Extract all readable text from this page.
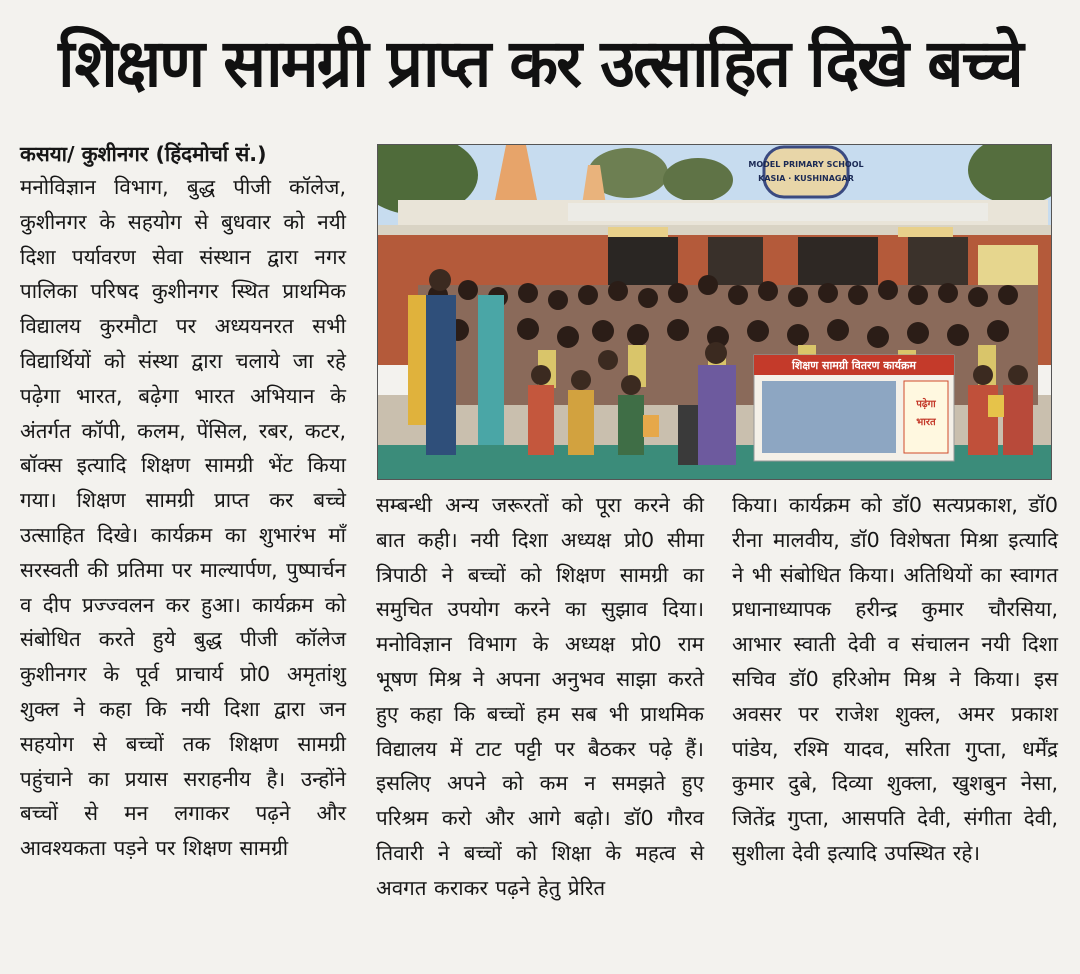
शिक्षण सामग्री प्राप्त कर उत्साहित दिखे बच्चे
कसया/ कुशीनगर (हिंदमोर्चा सं.)

मनोविज्ञान विभाग, बुद्ध पीजी कॉलेज, कुशीनगर के सहयोग से बुधवार को नयी दिशा पर्यावरण सेवा संस्थान द्वारा नगर पालिका परिषद कुशीनगर स्थित प्राथमिक विद्यालय कुरमौटा पर अध्ययनरत सभी विद्यार्थियों को संस्था द्वारा चलाये जा रहे पढ़ेगा भारत, बढ़ेगा भारत अभियान के अंतर्गत कॉपी, कलम, पेंसिल, रबर, कटर, बॉक्स इत्यादि शिक्षण सामग्री भेंट किया गया। शिक्षण सामग्री प्राप्त कर बच्चे उत्साहित दिखे। कार्यक्रम का शुभारंभ माँ सरस्वती की प्रतिमा पर माल्यार्पण, पुष्पार्चन व दीप प्रज्ज्वलन कर हुआ। कार्यक्रम को संबोधित करते हुये बुद्ध पीजी कॉलेज कुशीनगर के पूर्व प्राचार्य प्रो0 अमृतांशु शुक्ल ने कहा कि नयी दिशा द्वारा जन सहयोग से बच्चों तक शिक्षण सामग्री पहुंचाने का प्रयास सराहनीय है। उन्होंने बच्चों से मन लगाकर पढ़ने और आवश्यकता पड़ने पर शिक्षण सामग्री

MODEL PRIMARY SCHOOL
KASIA · KUSHINAGAR
शिक्षण सामग्री वितरण कार्यक्रम
पढ़ेगा
भारत

सम्बन्धी अन्य जरूरतों को पूरा करने की बात कही। नयी दिशा अध्यक्ष प्रो0 सीमा त्रिपाठी ने बच्चों को शिक्षण सामग्री का समुचित उपयोग करने का सुझाव दिया। मनोविज्ञान विभाग के अध्यक्ष प्रो0 राम भूषण मिश्र ने अपना अनुभव साझा करते हुए कहा कि बच्चों हम सब भी प्राथमिक विद्यालय में टाट पट्टी पर बैठकर पढ़े हैं। इसलिए अपने को कम न समझते हुए परिश्रम करो और आगे बढ़ो। डॉ0 गौरव तिवारी ने बच्चों को शिक्षा के महत्व से अवगत कराकर पढ़ने हेतु प्रेरित

किया। कार्यक्रम को डॉ0 सत्यप्रकाश, डॉ0 रीना मालवीय, डॉ0 विशेषता मिश्रा इत्यादि ने भी संबोधित किया। अतिथियों का स्वागत प्रधानाध्यापक हरीन्द्र कुमार चौरसिया, आभार स्वाती देवी व संचालन नयी दिशा सचिव डॉ0 हरिओम मिश्र ने किया। इस अवसर पर राजेश शुक्ल, अमर प्रकाश पांडेय, रश्मि यादव, सरिता गुप्ता, धर्मेंद्र कुमार दुबे, दिव्या शुक्ला, खुशबुन नेसा, जितेंद्र गुप्ता, आसपति देवी, संगीता देवी, सुशीला देवी इत्यादि उपस्थित रहे।
